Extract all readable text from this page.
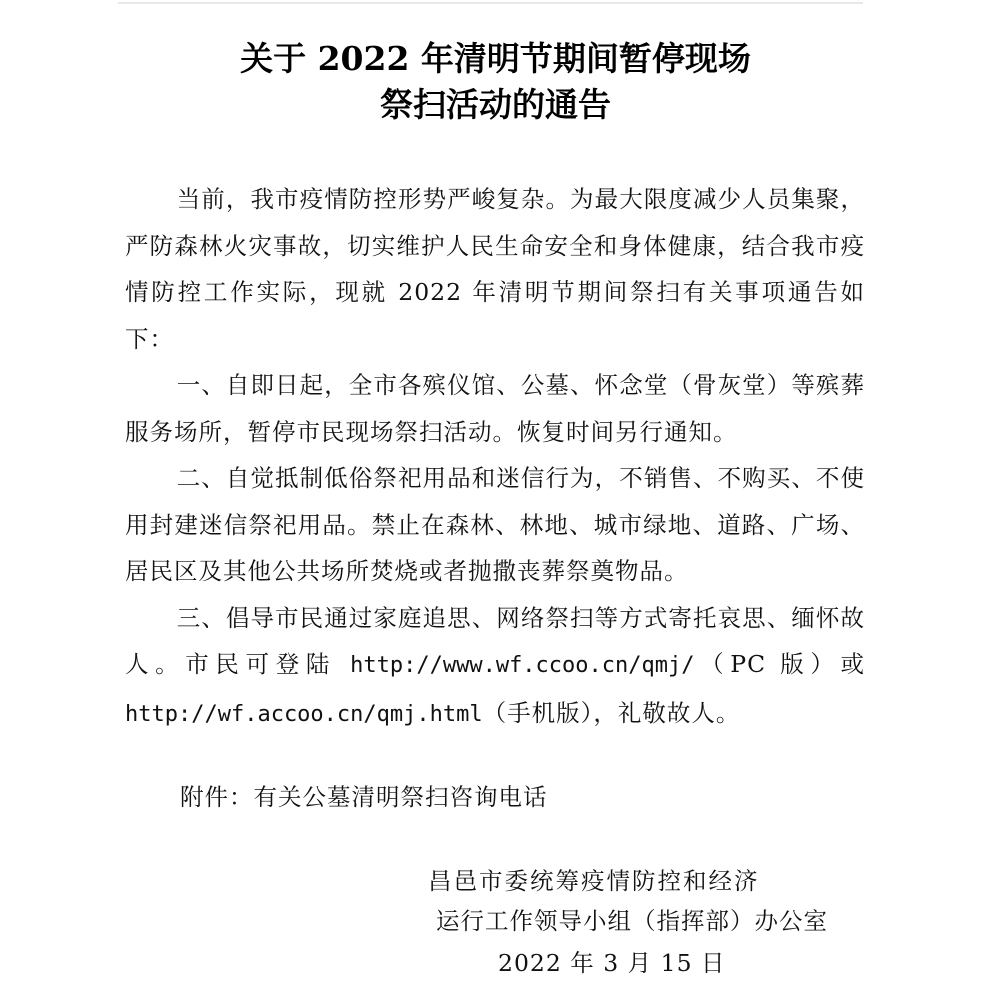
关于 2022 年清明节期间暂停现场
祭扫活动的通告

当前，我市疫情防控形势严峻复杂。为最大限度减少人员集聚，严防森林火灾事故，切实维护人民生命安全和身体健康，结合我市疫情防控工作实际，现就 2022 年清明节期间祭扫有关事项通告如下：

一、自即日起，全市各殡仪馆、公墓、怀念堂（骨灰堂）等殡葬服务场所，暂停市民现场祭扫活动。恢复时间另行通知。

二、自觉抵制低俗祭祀用品和迷信行为，不销售、不购买、不使用封建迷信祭祀用品。禁止在森林、林地、城市绿地、道路、广场、居民区及其他公共场所焚烧或者抛撒丧葬祭奠物品。

三、倡导市民通过家庭追思、网络祭扫等方式寄托哀思、缅怀故人。市民可登陆 http://www.wf.ccoo.cn/qmj/（PC 版）或 http://wf.accoo.cn/qmj.html（手机版），礼敬故人。

附件：有关公墓清明祭扫咨询电话
昌邑市委统筹疫情防控和经济
运行工作领导小组（指挥部）办公室
2022 年 3 月 15 日
